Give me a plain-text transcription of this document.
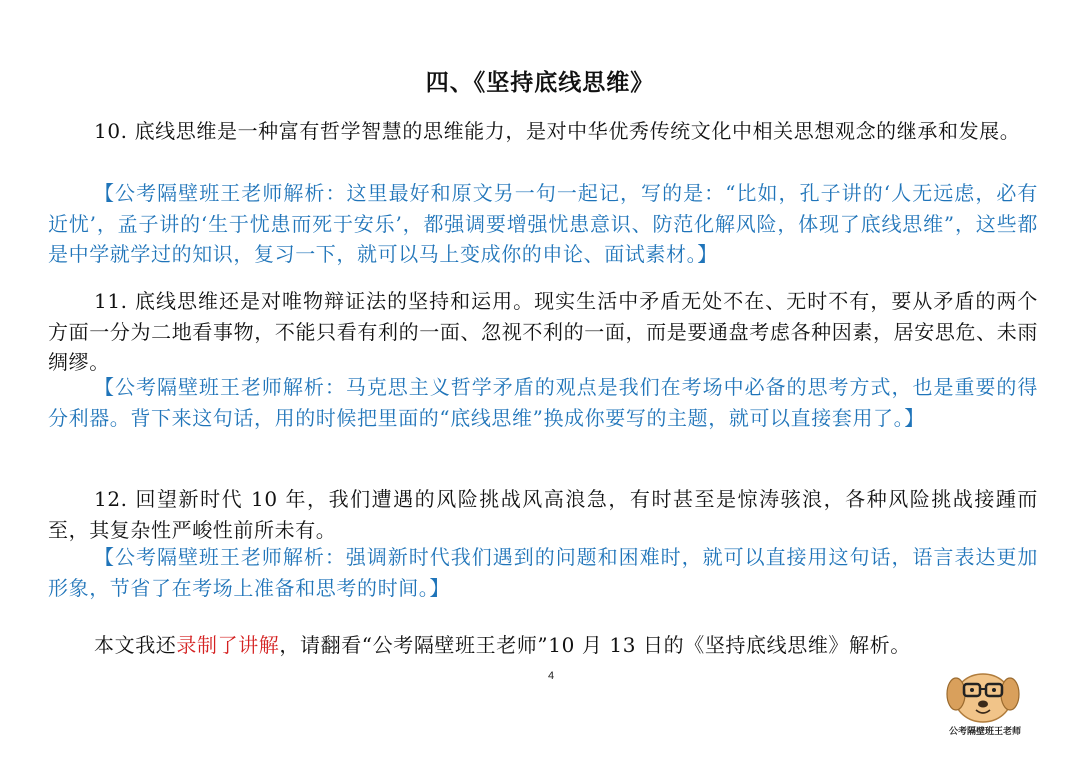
四、《坚持底线思维》
10. 底线思维是一种富有哲学智慧的思维能力，是对中华优秀传统文化中相关思想观念的继承和发展。
【公考隔壁班王老师解析：这里最好和原文另一句一起记，写的是：“比如，孔子讲的‘人无远虑，必有近忧’，孟子讲的‘生于忧患而死于安乐’，都强调要增强忧患意识、防范化解风险，体现了底线思维”，这些都是中学就学过的知识，复习一下，就可以马上变成你的申论、面试素材。】
11. 底线思维还是对唯物辩证法的坚持和运用。现实生活中矛盾无处不在、无时不有，要从矛盾的两个方面一分为二地看事物，不能只看有利的一面、忽视不利的一面，而是要通盘考虑各种因素，居安思危、未雨绸缪。
【公考隔壁班王老师解析：马克思主义哲学矛盾的观点是我们在考场中必备的思考方式，也是重要的得分利器。背下来这句话，用的时候把里面的“底线思维”换成你要写的主题，就可以直接套用了。】
12. 回望新时代 10 年，我们遭遇的风险挑战风高浪急，有时甚至是惊涛骇浪，各种风险挑战接踵而至，其复杂性严峻性前所未有。
【公考隔壁班王老师解析：强调新时代我们遇到的问题和困难时，就可以直接用这句话，语言表达更加形象，节省了在考场上准备和思考的时间。】
本文我还录制了讲解，请翻看“公考隔壁班王老师”10 月 13 日的《坚持底线思维》解析。
4
公考隔壁班王老师
